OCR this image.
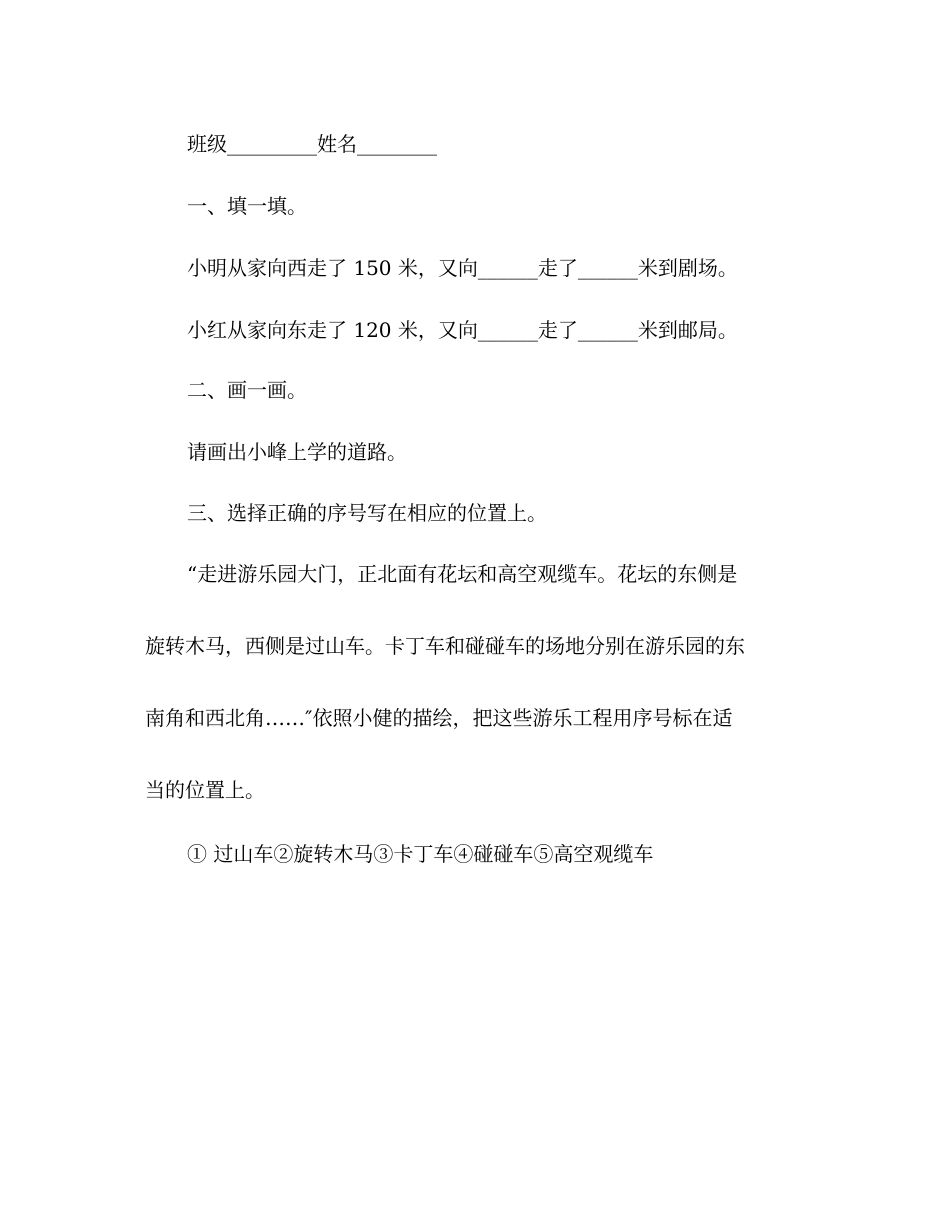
班级_________姓名________
一、填一填。
小明从家向西走了 150 米，又向______走了______米到剧场。
小红从家向东走了 120 米，又向______走了______米到邮局。
二、画一画。
请画出小峰上学的道路。
三、选择正确的序号写在相应的位置上。
“走进游乐园大门，正北面有花坛和高空观缆车。花坛的东侧是
旋转木马，西侧是过山车。卡丁车和碰碰车的场地分别在游乐园的东
南角和西北角……″依照小健的描绘，把这些游乐工程用序号标在适
当的位置上。
① 过山车②旋转木马③卡丁车④碰碰车⑤高空观缆车
